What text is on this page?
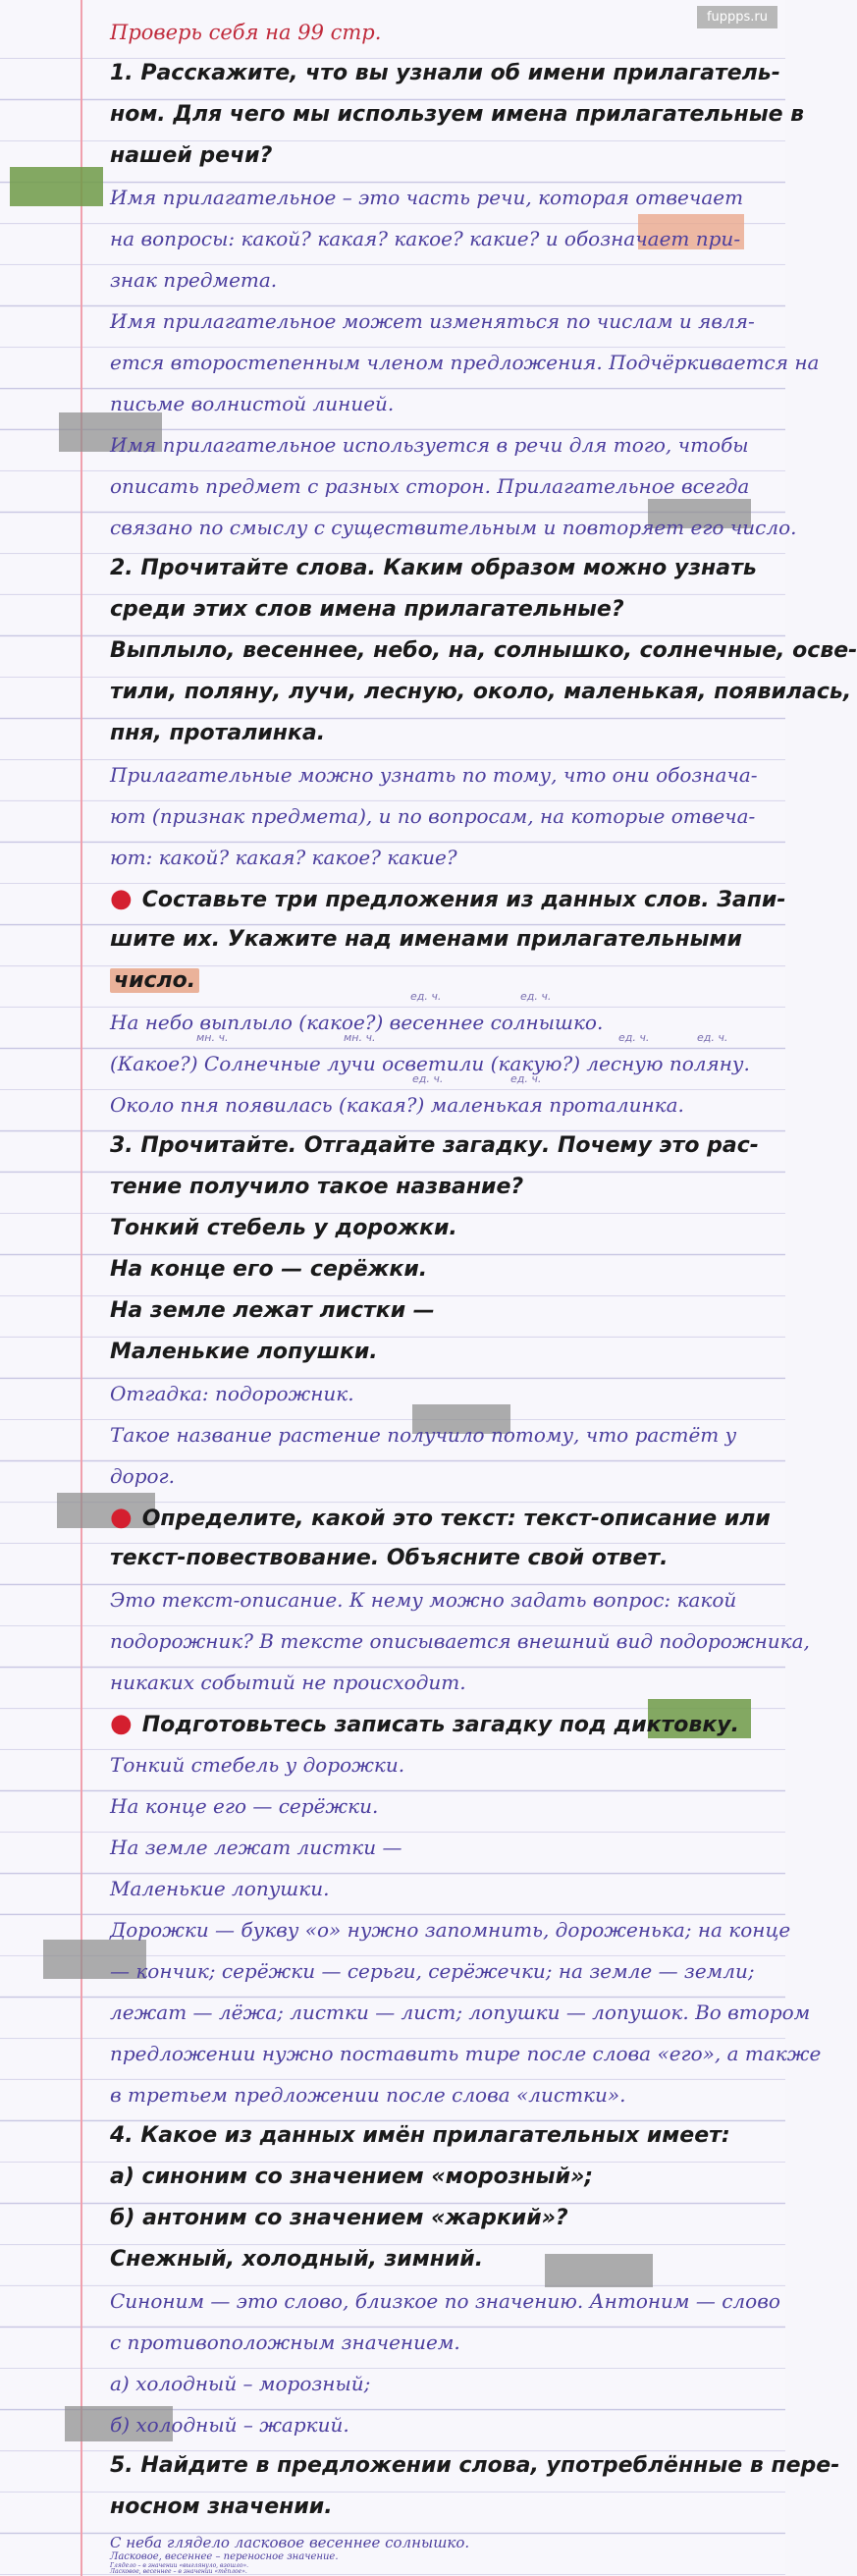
fuppps.ru
Проверь себя на 99 стр.
1. Расскажите, что вы узнали об имени прилагатель-
ном. Для чего мы используем имена прилагательные в
нашей речи?
Имя прилагательное – это часть речи, которая отвечает
на вопросы: какой? какая? какое? какие? и обозначает при-
знак предмета.
Имя прилагательное может изменяться по числам и явля-
ется второстепенным членом предложения. Подчёркивается на
письме волнистой линией.
Имя прилагательное используется в речи для того, чтобы
описать предмет с разных сторон. Прилагательное всегда
связано по смыслу с существительным и повторяет его число.
2. Прочитайте слова. Каким образом можно узнать
среди этих слов имена прилагательные?
Выплыло, весеннее, небо, на, солнышко, солнечные, осве-
тили, поляну, лучи, лесную, около, маленькая, появилась,
пня, проталинка.
Прилагательные можно узнать по тому, что они обознача-
ют (признак предмета), и по вопросам, на которые отвеча-
ют: какой? какая? какое? какие?
● Составьте три предложения из данных слов. Запи-
шите их. Укажите над именами прилагательными
число.
ед. ч.	ед. ч.
На небо выплыло (какое?) весеннее солнышко.
мн. ч.	мн. ч.	ед. ч.	ед. ч.
(Какое?) Солнечные лучи осветили (какую?) лесную поляну.
ед. ч.	ед. ч.
Около пня появилась (какая?) маленькая проталинка.
3. Прочитайте. Отгадайте загадку. Почему это рас-
тение получило такое название?
Тонкий стебель у дорожки.
На конце его — серёжки.
На земле лежат листки —
Маленькие лопушки.
Отгадка: подорожник.
Такое название растение получило потому, что растёт у
дорог.
● Определите, какой это текст: текст-описание или
текст-повествование. Объясните свой ответ.
Это текст-описание. К нему можно задать вопрос: какой
подорожник? В тексте описывается внешний вид подорожника,
никаких событий не происходит.
● Подготовьтесь записать загадку под диктовку.
Тонкий стебель у дорожки.
На конце его — серёжки.
На земле лежат листки —
Маленькие лопушки.
Дорожки — букву «о» нужно запомнить, дороженька; на конце
— кончик; серёжки — серьги, серёжечки; на земле — земли;
лежат — лёжа; листки — лист; лопушки — лопушок. Во втором
предложении нужно поставить тире после слова «его», а также
в третьем предложении после слова «листки».
4. Какое из данных имён прилагательных имеет:
а) синоним со значением «морозный»;
б) антоним со значением «жаркий»?
Снежный, холодный, зимний.
Синоним — это слово, близкое по значению. Антоним — слово
с противоположным значением.
а) холодный – морозный;
б) холодный – жаркий.
5. Найдите в предложении слова, употреблённые в пере-
носном значении.
С неба глядело ласковое весеннее солнышко.
Ласковое, весеннее – переносное значение.
Глядело – в значении «выглянуло, взошло».
Ласковое, весеннее – в значении «тёплое».
